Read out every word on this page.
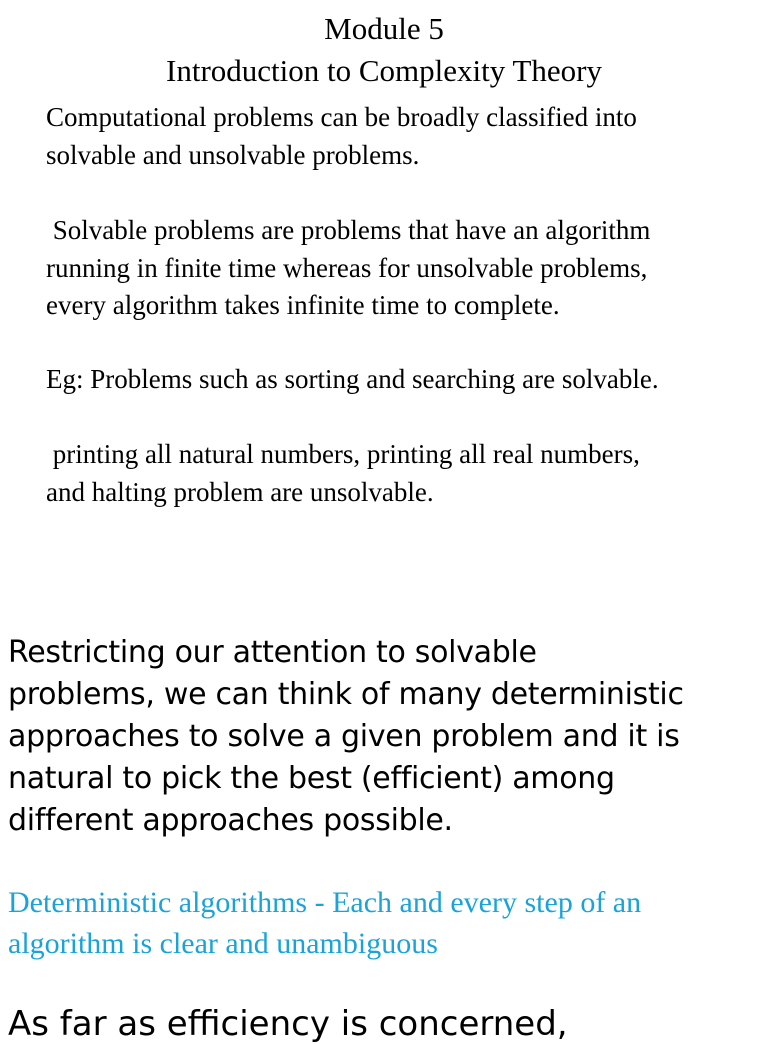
Module 5
Introduction to Complexity Theory
Computational problems can be broadly classified into
solvable and unsolvable problems.
Solvable problems are problems that have an algorithm
running in finite time whereas for unsolvable problems,
every algorithm takes infinite time to complete.
Eg: Problems such as sorting and searching are solvable.
printing all natural numbers, printing all real numbers,
and halting problem are unsolvable.
Restricting our attention to solvable
problems, we can think of many deterministic
approaches to solve a given problem and it is
natural to pick the best (efficient) among
different approaches possible.
Deterministic algorithms - Each and every step of an
algorithm is clear and unambiguous
As far as efficiency is concerned,
